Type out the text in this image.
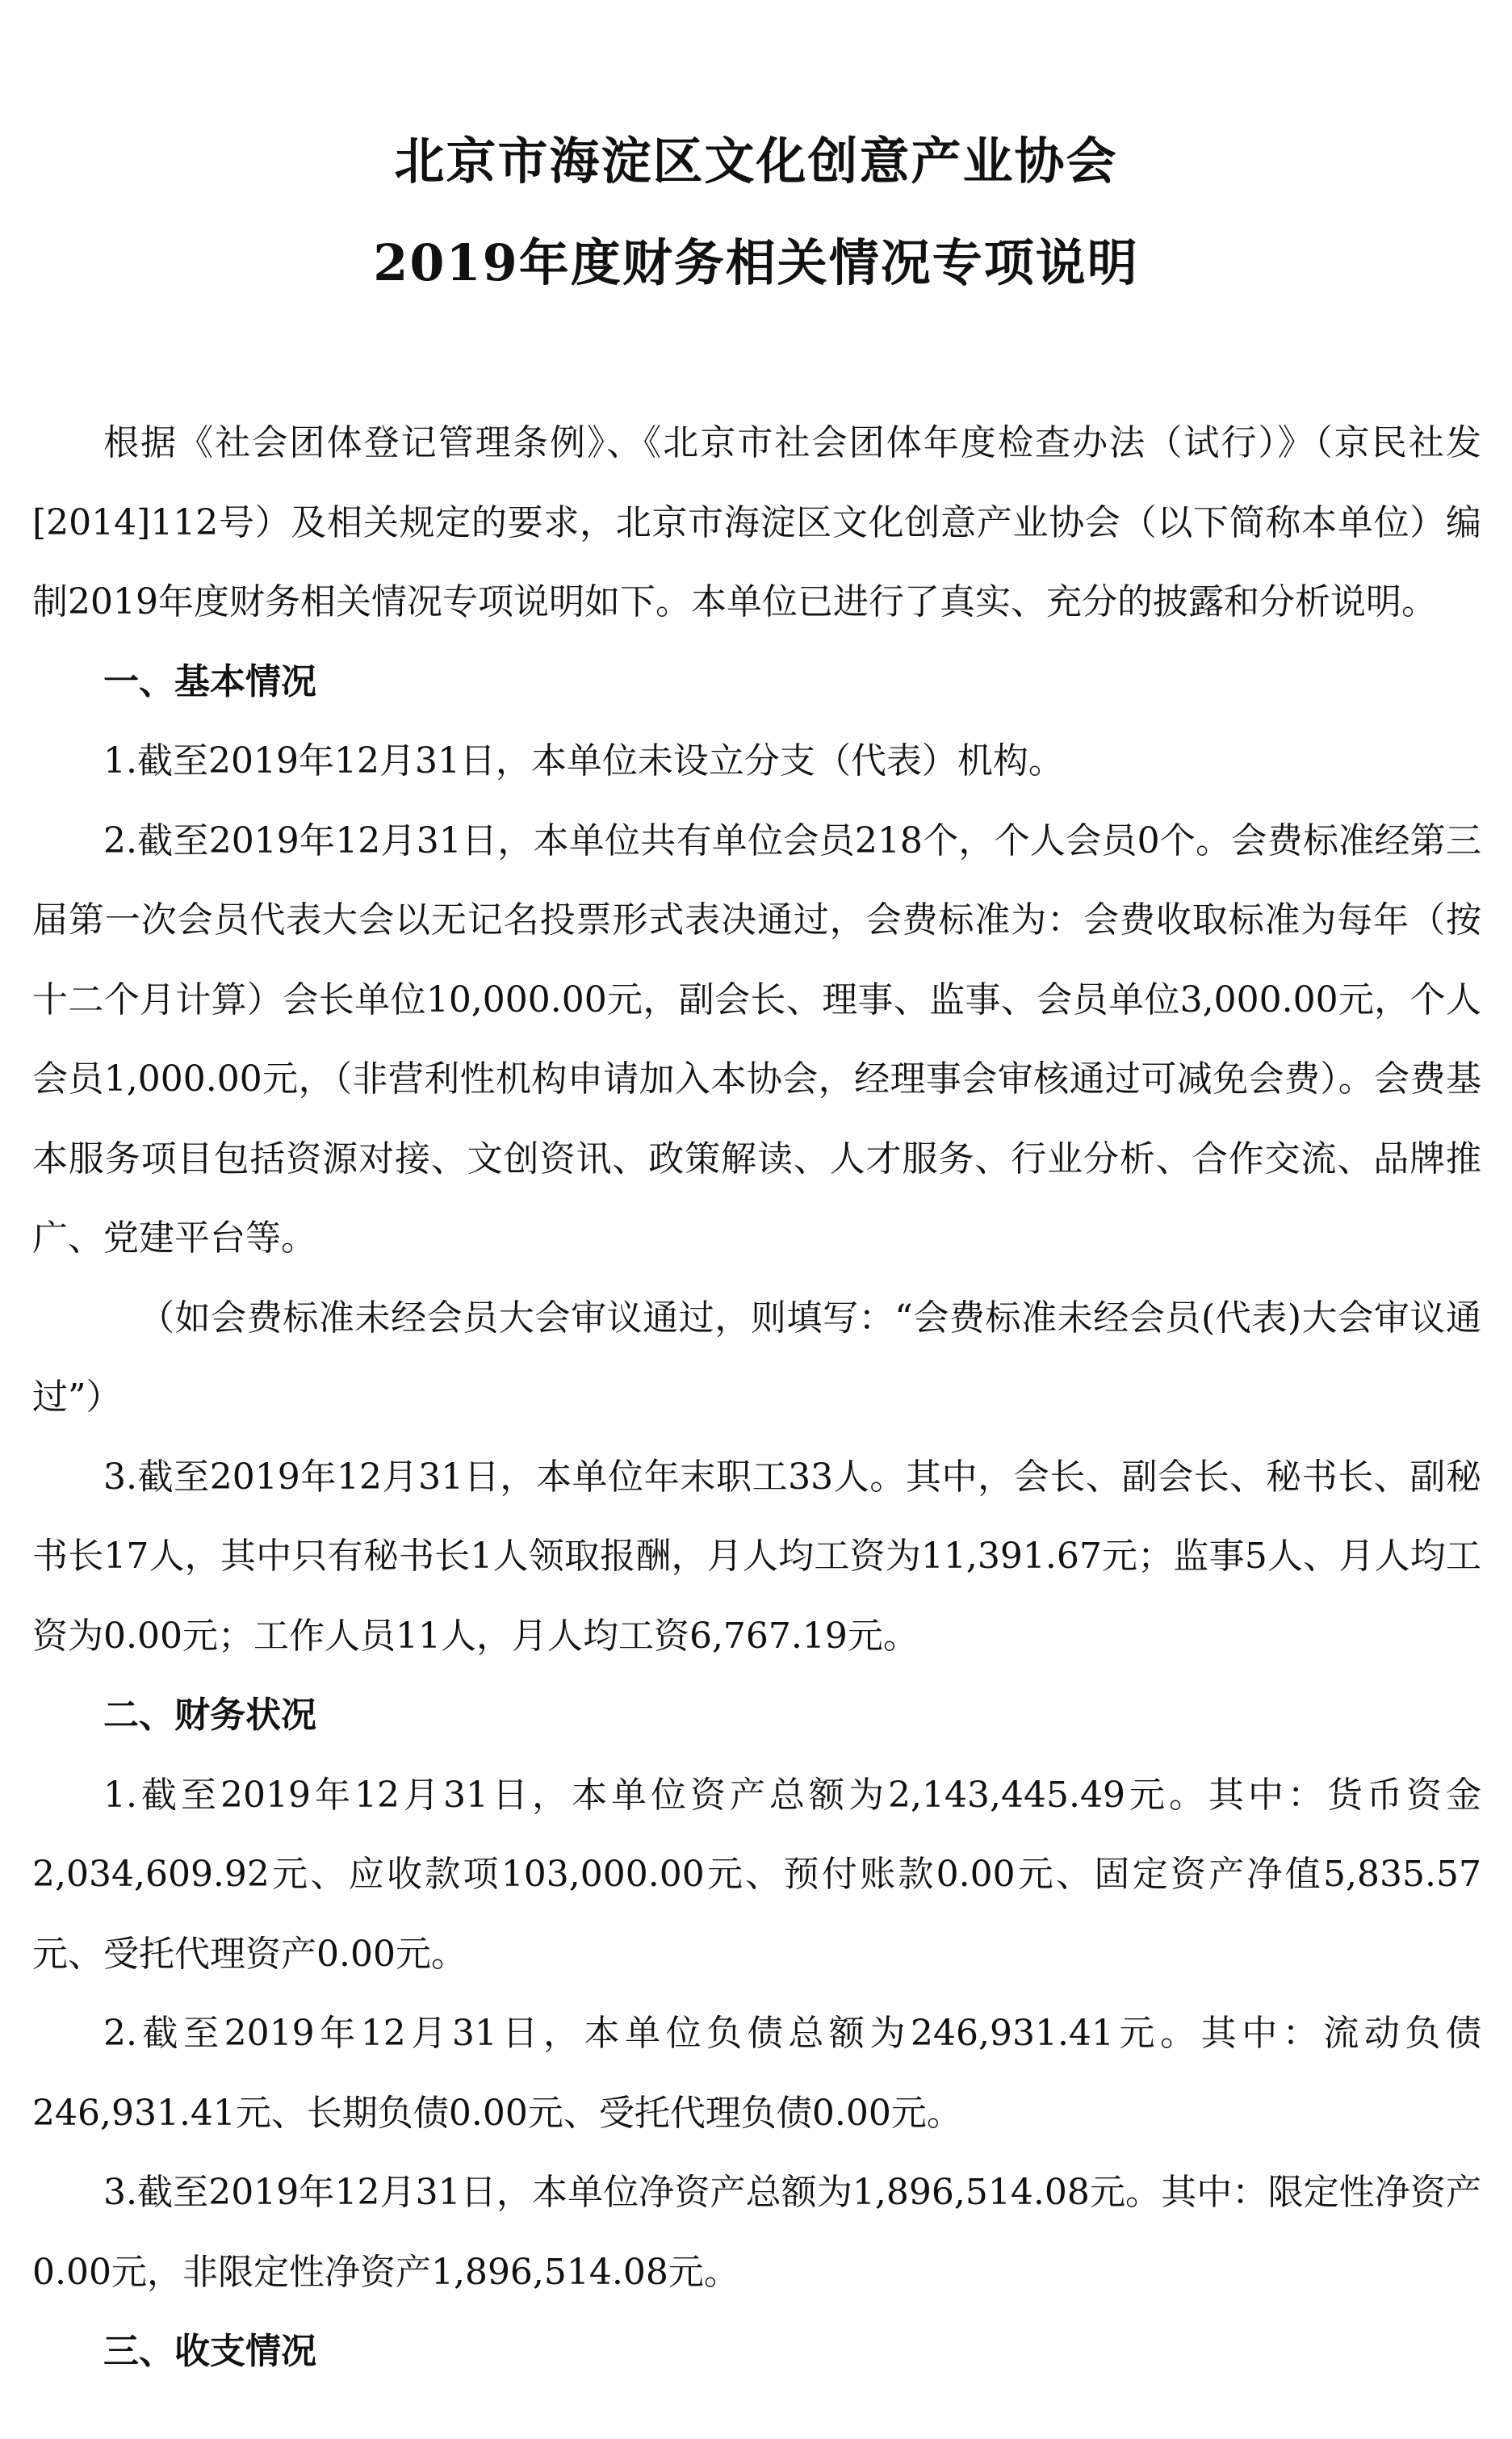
北京市海淀区文化创意产业协会
2019年度财务相关情况专项说明

根据《社会团体登记管理条例》、《北京市社会团体年度检查办法（试行）》（京民社发[2014]112号）及相关规定的要求，北京市海淀区文化创意产业协会（以下简称本单位）编制2019年度财务相关情况专项说明如下。本单位已进行了真实、充分的披露和分析说明。

一、基本情况

1.截至2019年12月31日，本单位未设立分支（代表）机构。

2.截至2019年12月31日，本单位共有单位会员218个，个人会员0个。会费标准经第三届第一次会员代表大会以无记名投票形式表决通过，会费标准为：会费收取标准为每年（按十二个月计算）会长单位10,000.00元，副会长、理事、监事、会员单位3,000.00元，个人会员1,000.00元，（非营利性机构申请加入本协会，经理事会审核通过可减免会费）。会费基本服务项目包括资源对接、文创资讯、政策解读、人才服务、行业分析、合作交流、品牌推广、党建平台等。

（如会费标准未经会员大会审议通过，则填写：“会费标准未经会员(代表)大会审议通过”）

3.截至2019年12月31日，本单位年末职工33人。其中，会长、副会长、秘书长、副秘书长17人，其中只有秘书长1人领取报酬，月人均工资为11,391.67元；监事5人、月人均工资为0.00元；工作人员11人，月人均工资6,767.19元。

二、财务状况

1.截至2019年12月31日，本单位资产总额为2,143,445.49元。其中：货币资金2,034,609.92元、应收款项103,000.00元、预付账款0.00元、固定资产净值5,835.57元、受托代理资产0.00元。

2.截至2019年12月31日，本单位负债总额为246,931.41元。其中：流动负债246,931.41元、长期负债0.00元、受托代理负债0.00元。

3.截至2019年12月31日，本单位净资产总额为1,896,514.08元。其中：限定性净资产0.00元，非限定性净资产1,896,514.08元。

三、收支情况
